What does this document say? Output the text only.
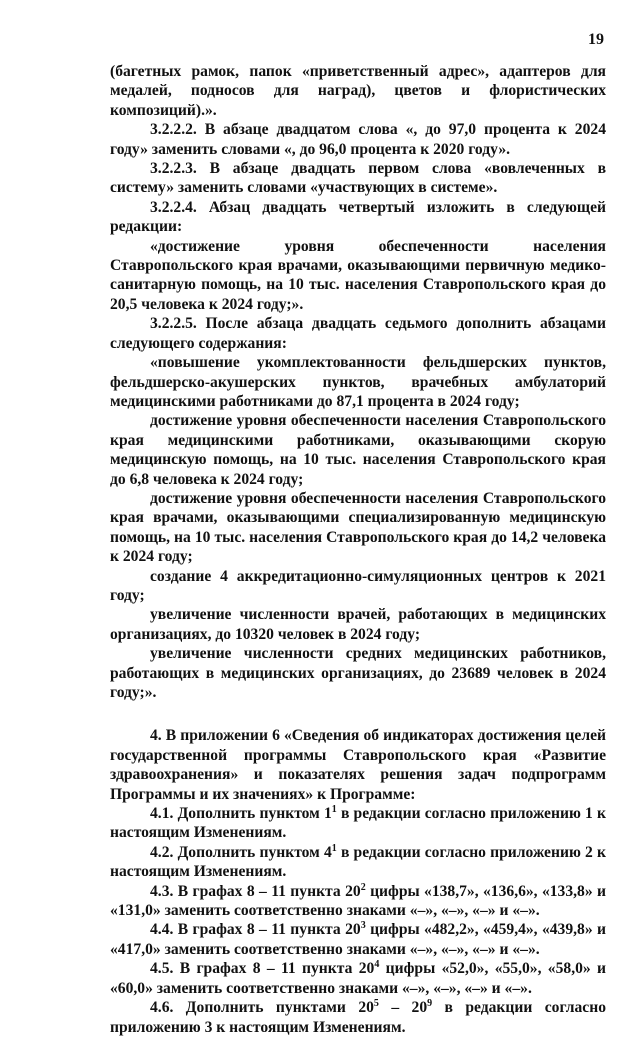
19

(багетных рамок, папок «приветственный адрес», адаптеров для медалей, подносов для наград), цветов и флористических композиций).».

3.2.2.2. В абзаце двадцатом слова «, до 97,0 процента к 2024 году» заменить словами «, до 96,0 процента к 2020 году».

3.2.2.3. В абзаце двадцать первом слова «вовлеченных в систему» заменить словами «участвующих в системе».

3.2.2.4. Абзац двадцать четвертый изложить в следующей редакции:

«достижение уровня обеспеченности населения Ставропольского края врачами, оказывающими первичную медико-санитарную помощь, на 10 тыс. населения Ставропольского края до 20,5 человека к 2024 году;».

3.2.2.5. После абзаца двадцать седьмого дополнить абзацами следующего содержания:

«повышение укомплектованности фельдшерских пунктов, фельдшерско-акушерских пунктов, врачебных амбулаторий медицинскими работниками до 87,1 процента в 2024 году;

достижение уровня обеспеченности населения Ставропольского края медицинскими работниками, оказывающими скорую медицинскую помощь, на 10 тыс. населения Ставропольского края до 6,8 человека к 2024 году;

достижение уровня обеспеченности населения Ставропольского края врачами, оказывающими специализированную медицинскую помощь, на 10 тыс. населения Ставропольского края до 14,2 человека к 2024 году;

создание 4 аккредитационно-симуляционных центров к 2021 году;

увеличение численности врачей, работающих в медицинских организациях, до 10320 человек в 2024 году;

увеличение численности средних медицинских работников, работающих в медицинских организациях, до 23689 человек в 2024 году;».

4. В приложении 6 «Сведения об индикаторах достижения целей государственной программы Ставропольского края «Развитие здравоохранения» и показателях решения задач подпрограмм Программы и их значениях» к Программе:

4.1. Дополнить пунктом $1^1$ в редакции согласно приложению 1 к настоящим Изменениям.

4.2. Дополнить пунктом $4^1$ в редакции согласно приложению 2 к настоящим Изменениям.

4.3. В графах 8 – 11 пункта $20^2$ цифры «138,7», «136,6», «133,8» и «131,0» заменить соответственно знаками «–», «–», «–» и «–».

4.4. В графах 8 – 11 пункта $20^3$ цифры «482,2», «459,4», «439,8» и «417,0» заменить соответственно знаками «–», «–», «–» и «–».

4.5. В графах 8 – 11 пункта $20^4$ цифры «52,0», «55,0», «58,0» и «60,0» заменить соответственно знаками «–», «–», «–» и «–».

4.6. Дополнить пунктами $20^5 - 20^9$ в редакции согласно приложению 3 к настоящим Изменениям.
